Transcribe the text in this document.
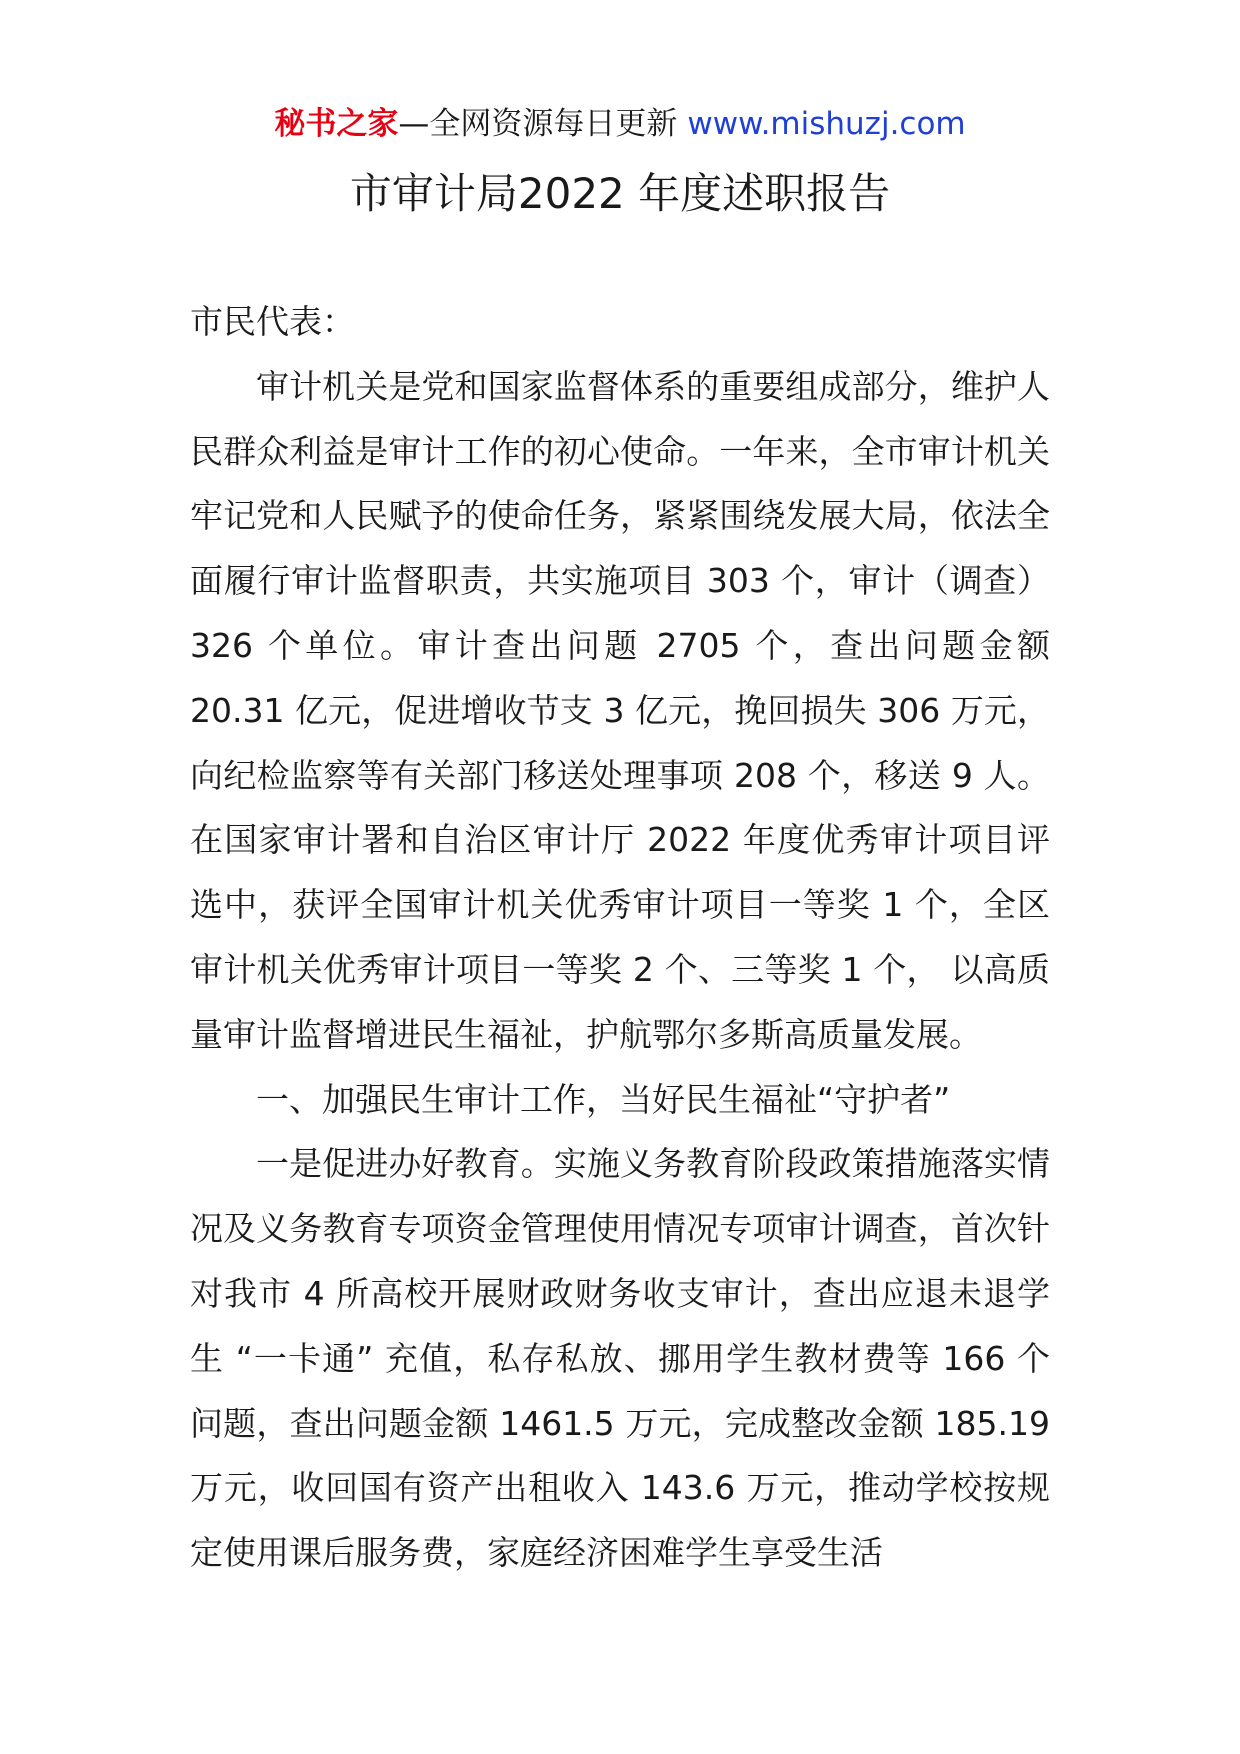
秘书之家—全网资源每日更新 www.mishuzj.com
市审计局2022 年度述职报告

市民代表：

审计机关是党和国家监督体系的重要组成部分，维护人民群众利益是审计工作的初心使命。一年来，全市审计机关牢记党和人民赋予的使命任务，紧紧围绕发展大局，依法全面履行审计监督职责，共实施项目 303 个，审计（调查） 326 个单位。审计查出问题 2705 个，查出问题金额 20.31 亿元，促进增收节支 3 亿元，挽回损失 306 万元，向纪检监察等有关部门移送处理事项 208 个，移送 9 人。在国家审计署和自治区审计厅 2022 年度优秀审计项目评选中，获评全国审计机关优秀审计项目一等奖 1 个，全区审计机关优秀审计项目一等奖 2 个、三等奖 1 个， 以高质量审计监督增进民生福祉，护航鄂尔多斯高质量发展。

一、加强民生审计工作，当好民生福祉“守护者”

一是促进办好教育。实施义务教育阶段政策措施落实情况及义务教育专项资金管理使用情况专项审计调查，首次针对我市 4 所高校开展财政财务收支审计，查出应退未退学生 “一卡通” 充值，私存私放、挪用学生教材费等 166 个问题，查出问题金额 1461.5 万元，完成整改金额 185.19 万元，收回国有资产出租收入 143.6 万元，推动学校按规定使用课后服务费，家庭经济困难学生享受生活
